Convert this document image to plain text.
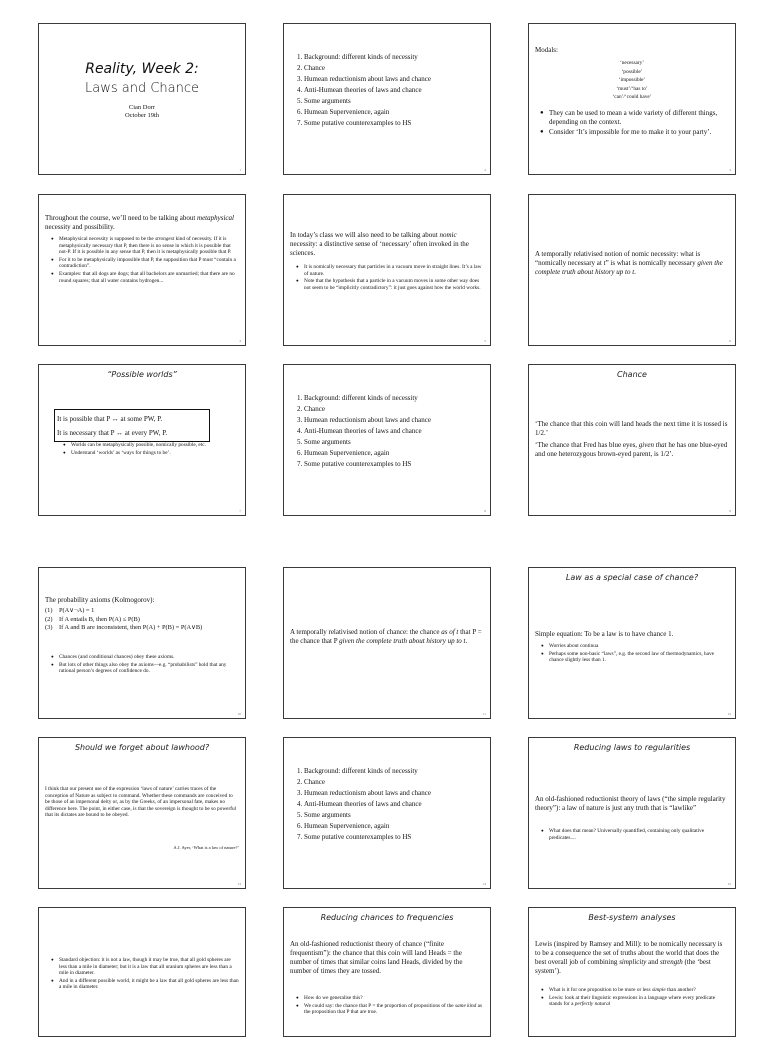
Reality, Week 2:
Laws and Chance
Cian Dorr
October 19th
1
1. Background: different kinds of necessity
2. Chance
3. Humean reductionism about laws and chance
4. Anti-Humean theories of laws and chance
5. Some arguments
6. Humean Supervenience, again
7. Some putative counterexamples to HS
2
Modals:
‘necessary’
‘possible’
‘impossible’
‘must’/‘has to’
‘can’/‘could have’
● They can be used to mean a wide variety of different things, depending on the context.
● Consider ‘It’s impossible for me to make it to your party’.
3
Throughout the course, we’ll need to be talking about metaphysical necessity and possibility.
● Metaphysical necessity is supposed to be the strongest kind of necessity. If it is metaphysically necessary that P, then there is no sense in which it is possible that not-P. If it is possible in any sense that P, then it is metaphysically possible that P.
● For it to be metaphysically impossible that P, the supposition that P must “contain a contradiction”.
● Examples: that all dogs are dogs; that all bachelors are unmarried; that there are no round squares; that all water contains hydrogen...
4
In today’s class we will also need to be talking about nomic necessity: a distinctive sense of ‘necessary’ often invoked in the sciences.
● It is nomically necessary that particles in a vacuum move in straight lines. It’s a law of nature.
● Note that the hypothesis that a particle in a vacuum moves in some other way does not seem to be “implicitly contradictory”: it just goes against how the world works.
5
A temporally relativised notion of nomic necessity: what is “nomically necessary at t” is what is nomically necessary given the complete truth about history up to t.
6
“Possible worlds”
It is possible that P ↔ at some PW, P.
It is necessary that P ↔ at every PW, P.
● Worlds can be metaphysically possible, nomically possible, etc.
● Understand ‘worlds’ as ‘ways for things to be’.
7
1. Background: different kinds of necessity
2. Chance
3. Humean reductionism about laws and chance
4. Anti-Humean theories of laws and chance
5. Some arguments
6. Humean Supervenience, again
7. Some putative counterexamples to HS
8
Chance
‘The chance that this coin will land heads the next time it is tossed is 1/2.’
‘The chance that Fred has blue eyes, given that he has one blue-eyed and one heterozygous brown-eyed parent, is 1/2’.
9
The probability axioms (Kolmogorov):
(1)	P(A∨¬A) = 1
(2)	If A entails B, then P(A) ≤ P(B)
(3)	If A and B are inconsistent, then P(A) + P(B) = P(A∨B)
● Chances (and conditional chances) obey these axioms.
● But lots of other things also obey the axioms—e.g. “probabilists” hold that any rational person’s degrees of confidence do.
10
A temporally relativised notion of chance: the chance as of t that P = the chance that P given the complete truth about history up to t.
11
Law as a special case of chance?
Simple equation: To be a law is to have chance 1.
● Worries about continua
● Perhaps some non-basic “laws”, e.g. the second law of thermodynamics, have chance slightly less than 1.
12
Should we forget about lawhood?
I think that our present use of the expression ‘laws of nature’ carries traces of the conception of Nature as subject to command. Whether these commands are conceived to be those of an impersonal deity or, as by the Greeks, of an impersonal fate, makes no difference here. The point, in either case, is that the sovereign is thought to be so powerful that its dictates are bound to be obeyed.
A.J. Ayer, ‘What is a law of nature?’
13
1. Background: different kinds of necessity
2. Chance
3. Humean reductionism about laws and chance
4. Anti-Humean theories of laws and chance
5. Some arguments
6. Humean Supervenience, again
7. Some putative counterexamples to HS
14
Reducing laws to regularities
An old-fashioned reductionist theory of laws (“the simple regularity theory”): a law of nature is just any truth that is “lawlike”
● What does that mean? Universally quantified, containing only qualitative predicates....
15
● Standard objection: it is not a law, though it may be true, that all gold spheres are less than a mile in diameter; but it is a law that all uranium spheres are less than a mile in diameter.
● And in a different possible world, it might be a law that all gold spheres are less than a mile in diameter.
Reducing chances to frequencies
An old-fashioned reductionist theory of chance (“finite frequentism”): the chance that this coin will land Heads = the number of times that similar coins land Heads, divided by the number of times they are tossed.
● How do we generalise this?
● We could say: the chance that P = the proportion of propositions of the same kind as the proposition that P that are true.
Best-system analyses
Lewis (inspired by Ramsey and Mill): to be nomically necessary is to be a consequence the set of truths about the world that does the best overall job of combining simplicity and strength (the ‘best system’).
● What is it for one proposition to be more or less simple than another?
● Lewis: look at their linguistic expressions in a language where every predicate stands for a perfectly natural
